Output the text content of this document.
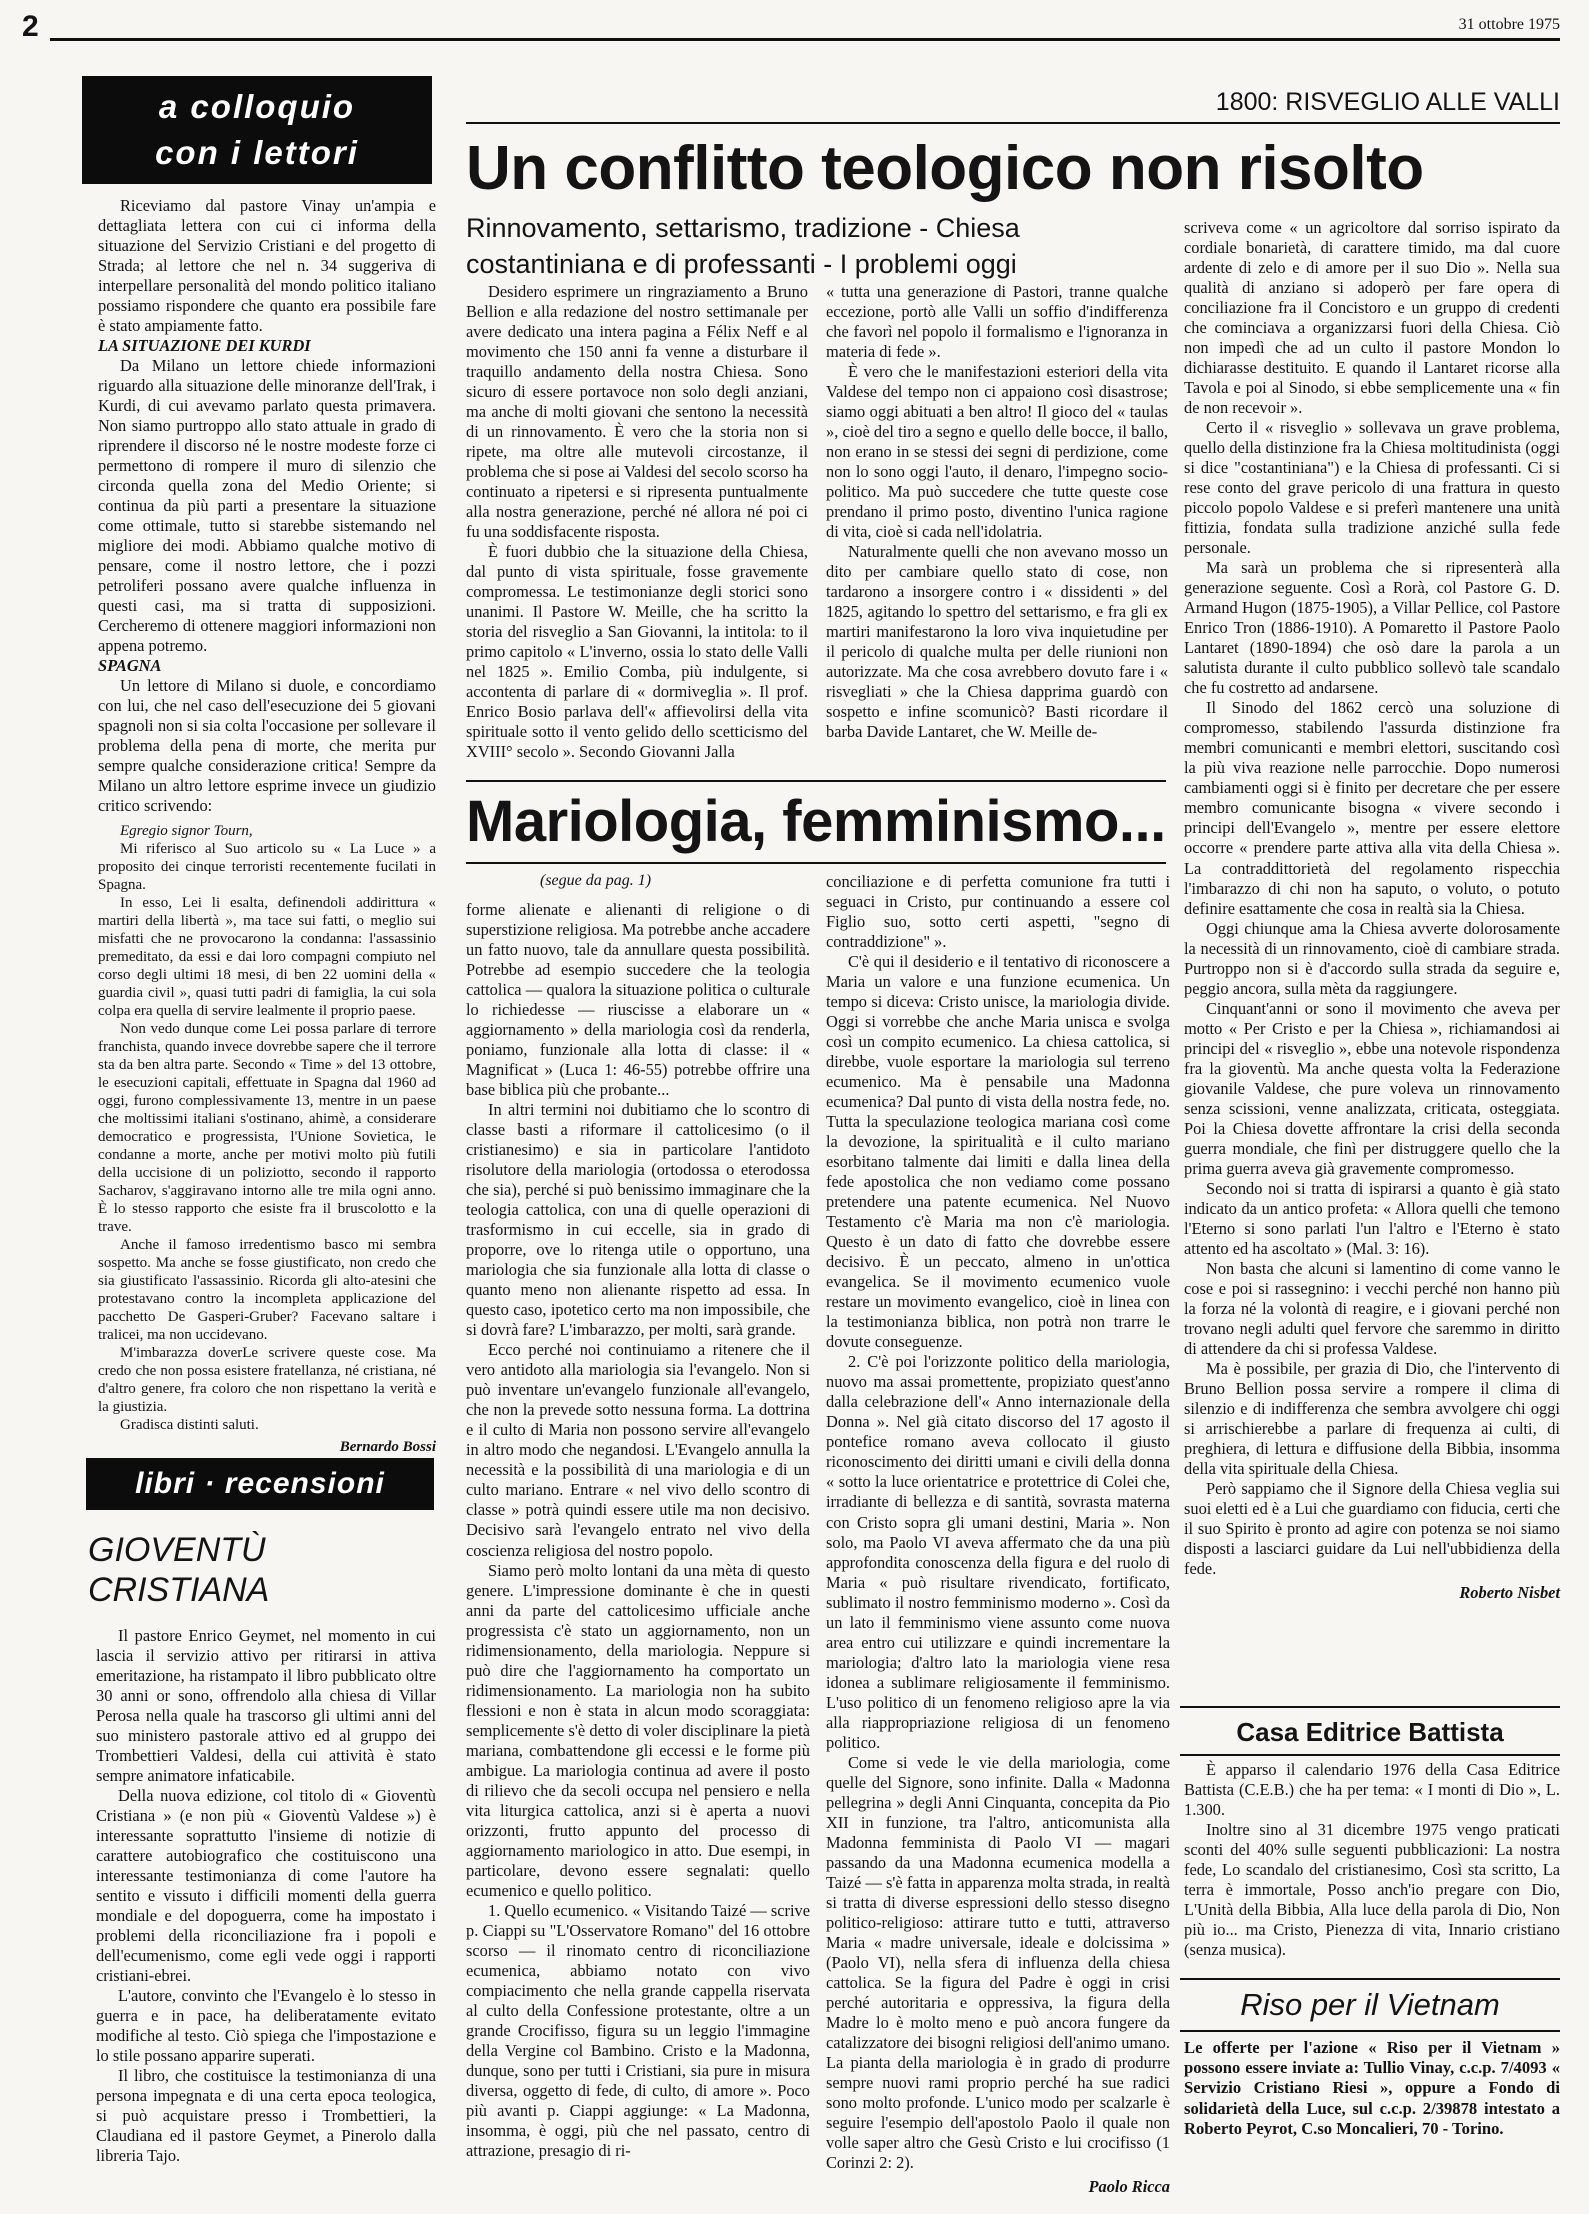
2	31 ottobre 1975
a colloquio
con i lettori

Riceviamo dal pastore Vinay un'ampia e dettagliata lettera con cui ci informa della situazione del Servizio Cristiani e del progetto di Strada; al lettore che nel n. 34 suggeriva di interpellare personalità del mondo politico italiano possiamo rispondere che quanto era possibile fare è stato ampiamente fatto.

LA SITUAZIONE DEI KURDI

Da Milano un lettore chiede informazioni riguardo alla situazione delle minoranze dell'Irak, i Kurdi, di cui avevamo parlato questa primavera. Non siamo purtroppo allo stato attuale in grado di riprendere il discorso né le nostre modeste forze ci permettono di rompere il muro di silenzio che circonda quella zona del Medio Oriente; si continua da più parti a presentare la situazione come ottimale, tutto si starebbe sistemando nel migliore dei modi. Abbiamo qualche motivo di pensare, come il nostro lettore, che i pozzi petroliferi possano avere qualche influenza in questi casi, ma si tratta di supposizioni. Cercheremo di ottenere maggiori informazioni non appena potremo.

SPAGNA

Un lettore di Milano si duole, e concordiamo con lui, che nel caso dell'esecuzione dei 5 giovani spagnoli non si sia colta l'occasione per sollevare il problema della pena di morte, che merita pur sempre qualche considerazione critica! Sempre da Milano un altro lettore esprime invece un giudizio critico scrivendo:

Egregio signor Tourn,

Mi riferisco al Suo articolo su « La Luce » a proposito dei cinque terroristi recentemente fucilati in Spagna.

In esso, Lei li esalta, definendoli addirittura « martiri della libertà », ma tace sui fatti, o meglio sui misfatti che ne provocarono la condanna: l'assassinio premeditato, da essi e dai loro compagni compiuto nel corso degli ultimi 18 mesi, di ben 22 uomini della « guardia civil », quasi tutti padri di famiglia, la cui sola colpa era quella di servire lealmente il proprio paese.

Non vedo dunque come Lei possa parlare di terrore franchista, quando invece dovrebbe sapere che il terrore sta da ben altra parte. Secondo « Time » del 13 ottobre, le esecuzioni capitali, effettuate in Spagna dal 1960 ad oggi, furono complessivamente 13, mentre in un paese che moltissimi italiani s'ostinano, ahimè, a considerare democratico e progressista, l'Unione Sovietica, le condanne a morte, anche per motivi molto più futili della uccisione di un poliziotto, secondo il rapporto Sacharov, s'aggiravano intorno alle tre mila ogni anno. È lo stesso rapporto che esiste fra il bruscolotto e la trave.

Anche il famoso irredentismo basco mi sembra sospetto. Ma anche se fosse giustificato, non credo che sia giustificato l'assassinio. Ricorda gli alto-atesini che protestavano contro la incompleta applicazione del pacchetto De Gasperi-Gruber? Facevano saltare i tralicei, ma non uccidevano.

M'imbarazza doverLe scrivere queste cose. Ma credo che non possa esistere fratellanza, né cristiana, né d'altro genere, fra coloro che non rispettano la verità e la giustizia.

Gradisca distinti saluti.

Bernardo Bossi

libri · recensioni
GIOVENTÙ
CRISTIANA

Il pastore Enrico Geymet, nel momento in cui lascia il servizio attivo per ritirarsi in attiva emeritazione, ha ristampato il libro pubblicato oltre 30 anni or sono, offrendolo alla chiesa di Villar Perosa nella quale ha trascorso gli ultimi anni del suo ministero pastorale attivo ed al gruppo dei Trombettieri Valdesi, della cui attività è stato sempre animatore infaticabile.

Della nuova edizione, col titolo di « Gioventù Cristiana » (e non più « Gioventù Valdese ») è interessante soprattutto l'insieme di notizie di carattere autobiografico che costituiscono una interessante testimonianza di come l'autore ha sentito e vissuto i difficili momenti della guerra mondiale e del dopoguerra, come ha impostato i problemi della riconciliazione fra i popoli e dell'ecumenismo, come egli vede oggi i rapporti cristiani-ebrei.

L'autore, convinto che l'Evangelo è lo stesso in guerra e in pace, ha deliberatamente evitato modifiche al testo. Ciò spiega che l'impostazione e lo stile possano apparire superati.

Il libro, che costituisce la testimonianza di una persona impegnata e di una certa epoca teologica, si può acquistare presso i Trombettieri, la Claudiana ed il pastore Geymet, a Pinerolo dalla libreria Tajo.

1800: RISVEGLIO ALLE VALLI
Un conflitto teologico non risolto
Rinnovamento, settarismo, tradizione - Chiesa costantiniana e di professanti - I problemi oggi

Desidero esprimere un ringraziamento a Bruno Bellion e alla redazione del nostro settimanale per avere dedicato una intera pagina a Félix Neff e al movimento che 150 anni fa venne a disturbare il traquillo andamento della nostra Chiesa. Sono sicuro di essere portavoce non solo degli anziani, ma anche di molti giovani che sentono la necessità di un rinnovamento. È vero che la storia non si ripete, ma oltre alle mutevoli circostanze, il problema che si pose ai Valdesi del secolo scorso ha continuato a ripetersi e si ripresenta puntualmente alla nostra generazione, perché né allora né poi ci fu una soddisfacente risposta.

È fuori dubbio che la situazione della Chiesa, dal punto di vista spirituale, fosse gravemente compromessa. Le testimonianze degli storici sono unanimi. Il Pastore W. Meille, che ha scritto la storia del risveglio a San Giovanni, la intitola: to il primo capitolo « L'inverno, ossia lo stato delle Valli nel 1825 ». Emilio Comba, più indulgente, si accontenta di parlare di « dormiveglia ». Il prof. Enrico Bosio parlava dell'« affievolirsi della vita spirituale sotto il vento gelido dello scetticismo del XVIII° secolo ». Secondo Giovanni Jalla

« tutta una generazione di Pastori, tranne qualche eccezione, portò alle Valli un soffio d'indifferenza che favorì nel popolo il formalismo e l'ignoranza in materia di fede ».

È vero che le manifestazioni esteriori della vita Valdese del tempo non ci appaiono così disastrose; siamo oggi abituati a ben altro! Il gioco del « taulas », cioè del tiro a segno e quello delle bocce, il ballo, non erano in se stessi dei segni di perdizione, come non lo sono oggi l'auto, il denaro, l'impegno socio-politico. Ma può succedere che tutte queste cose prendano il primo posto, diventino l'unica ragione di vita, cioè si cada nell'idolatria.

Naturalmente quelli che non avevano mosso un dito per cambiare quello stato di cose, non tardarono a insorgere contro i « dissidenti » del 1825, agitando lo spettro del settarismo, e fra gli ex martiri manifestarono la loro viva inquietudine per il pericolo di qualche multa per delle riunioni non autorizzate. Ma che cosa avrebbero dovuto fare i « risvegliati » che la Chiesa dapprima guardò con sospetto e infine scomunicò? Basti ricordare il barba Davide Lantaret, che W. Meille de-

scriveva come « un agricoltore dal sorriso ispirato da cordiale bonarietà, di carattere timido, ma dal cuore ardente di zelo e di amore per il suo Dio ». Nella sua qualità di anziano si adoperò per fare opera di conciliazione fra il Concistoro e un gruppo di credenti che cominciava a organizzarsi fuori della Chiesa. Ciò non impedì che ad un culto il pastore Mondon lo dichiarasse destituito. E quando il Lantaret ricorse alla Tavola e poi al Sinodo, si ebbe semplicemente una « fin de non recevoir ».

Certo il « risveglio » sollevava un grave problema, quello della distinzione fra la Chiesa moltitudinista (oggi si dice "costantiniana") e la Chiesa di professanti. Ci si rese conto del grave pericolo di una frattura in questo piccolo popolo Valdese e si preferì mantenere una unità fittizia, fondata sulla tradizione anziché sulla fede personale.

Ma sarà un problema che si ripresenterà alla generazione seguente. Così a Rorà, col Pastore G. D. Armand Hugon (1875-1905), a Villar Pellice, col Pastore Enrico Tron (1886-1910). A Pomaretto il Pastore Paolo Lantaret (1890-1894) che osò dare la parola a un salutista durante il culto pubblico sollevò tale scandalo che fu costretto ad andarsene.

Il Sinodo del 1862 cercò una soluzione di compromesso, stabilendo l'assurda distinzione fra membri comunicanti e membri elettori, suscitando così la più viva reazione nelle parrocchie. Dopo numerosi cambiamenti oggi si è finito per decretare che per essere membro comunicante bisogna « vivere secondo i principi dell'Evangelo », mentre per essere elettore occorre « prendere parte attiva alla vita della Chiesa ». La contraddittorietà del regolamento rispecchia l'imbarazzo di chi non ha saputo, o voluto, o potuto definire esattamente che cosa in realtà sia la Chiesa.

Oggi chiunque ama la Chiesa avverte dolorosamente la necessità di un rinnovamento, cioè di cambiare strada. Purtroppo non si è d'accordo sulla strada da seguire e, peggio ancora, sulla mèta da raggiungere.

Cinquant'anni or sono il movimento che aveva per motto « Per Cristo e per la Chiesa », richiamandosi ai principi del « risveglio », ebbe una notevole rispondenza fra la gioventù. Ma anche questa volta la Federazione giovanile Valdese, che pure voleva un rinnovamento senza scissioni, venne analizzata, criticata, osteggiata. Poi la Chiesa dovette affrontare la crisi della seconda guerra mondiale, che finì per distruggere quello che la prima guerra aveva già gravemente compromesso.

Secondo noi si tratta di ispirarsi a quanto è già stato indicato da un antico profeta: « Allora quelli che temono l'Eterno si sono parlati l'un l'altro e l'Eterno è stato attento ed ha ascoltato » (Mal. 3: 16).

Non basta che alcuni si lamentino di come vanno le cose e poi si rassegnino: i vecchi perché non hanno più la forza né la volontà di reagire, e i giovani perché non trovano negli adulti quel fervore che saremmo in diritto di attendere da chi si professa Valdese.

Ma è possibile, per grazia di Dio, che l'intervento di Bruno Bellion possa servire a rompere il clima di silenzio e di indifferenza che sembra avvolgere chi oggi si arrischierebbe a parlare di frequenza ai culti, di preghiera, di lettura e diffusione della Bibbia, insomma della vita spirituale della Chiesa.

Però sappiamo che il Signore della Chiesa veglia sui suoi eletti ed è a Lui che guardiamo con fiducia, certi che il suo Spirito è pronto ad agire con potenza se noi siamo disposti a lasciarci guidare da Lui nell'ubbidienza della fede.

Roberto Nisbet

Mariologia, femminismo...
(segue da pag. 1)

forme alienate e alienanti di religione o di superstizione religiosa. Ma potrebbe anche accadere un fatto nuovo, tale da annullare questa possibilità. Potrebbe ad esempio succedere che la teologia cattolica — qualora la situazione politica o culturale lo richiedesse — riuscisse a elaborare un « aggiornamento » della mariologia così da renderla, poniamo, funzionale alla lotta di classe: il « Magnificat » (Luca 1: 46-55) potrebbe offrire una base biblica più che probante...

In altri termini noi dubitiamo che lo scontro di classe basti a riformare il cattolicesimo (o il cristianesimo) e sia in particolare l'antidoto risolutore della mariologia (ortodossa o eterodossa che sia), perché si può benissimo immaginare che la teologia cattolica, con una di quelle operazioni di trasformismo in cui eccelle, sia in grado di proporre, ove lo ritenga utile o opportuno, una mariologia che sia funzionale alla lotta di classe o quanto meno non alienante rispetto ad essa. In questo caso, ipotetico certo ma non impossibile, che si dovrà fare? L'imbarazzo, per molti, sarà grande.

Ecco perché noi continuiamo a ritenere che il vero antidoto alla mariologia sia l'evangelo. Non si può inventare un'evangelo funzionale all'evangelo, che non la prevede sotto nessuna forma. La dottrina e il culto di Maria non possono servire all'evangelo in altro modo che negandosi. L'Evangelo annulla la necessità e la possibilità di una mariologia e di un culto mariano. Entrare « nel vivo dello scontro di classe » potrà quindi essere utile ma non decisivo. Decisivo sarà l'evangelo entrato nel vivo della coscienza religiosa del nostro popolo.

Siamo però molto lontani da una mèta di questo genere. L'impressione dominante è che in questi anni da parte del cattolicesimo ufficiale anche progressista c'è stato un aggiornamento, non un ridimensionamento, della mariologia. Neppure si può dire che l'aggiornamento ha comportato un ridimensionamento. La mariologia non ha subito flessioni e non è stata in alcun modo scoraggiata: semplicemente s'è detto di voler disciplinare la pietà mariana, combattendone gli eccessi e le forme più ambigue. La mariologia continua ad avere il posto di rilievo che da secoli occupa nel pensiero e nella vita liturgica cattolica, anzi si è aperta a nuovi orizzonti, frutto appunto del processo di aggiornamento mariologico in atto. Due esempi, in particolare, devono essere segnalati: quello ecumenico e quello politico.

1. Quello ecumenico. « Visitando Taizé — scrive p. Ciappi su "L'Osservatore Romano" del 16 ottobre scorso — il rinomato centro di riconciliazione ecumenica, abbiamo notato con vivo compiacimento che nella grande cappella riservata al culto della Confessione protestante, oltre a un grande Crocifisso, figura su un leggio l'immagine della Vergine col Bambino. Cristo e la Madonna, dunque, sono per tutti i Cristiani, sia pure in misura diversa, oggetto di fede, di culto, di amore ». Poco più avanti p. Ciappi aggiunge: « La Madonna, insomma, è oggi, più che nel passato, centro di attrazione, presagio di ri-

conciliazione e di perfetta comunione fra tutti i seguaci in Cristo, pur continuando a essere col Figlio suo, sotto certi aspetti, "segno di contraddizione" ».

C'è qui il desiderio e il tentativo di riconoscere a Maria un valore e una funzione ecumenica. Un tempo si diceva: Cristo unisce, la mariologia divide. Oggi si vorrebbe che anche Maria unisca e svolga così un compito ecumenico. La chiesa cattolica, si direbbe, vuole esportare la mariologia sul terreno ecumenico. Ma è pensabile una Madonna ecumenica? Dal punto di vista della nostra fede, no. Tutta la speculazione teologica mariana così come la devozione, la spiritualità e il culto mariano esorbitano talmente dai limiti e dalla linea della fede apostolica che non vediamo come possano pretendere una patente ecumenica. Nel Nuovo Testamento c'è Maria ma non c'è mariologia. Questo è un dato di fatto che dovrebbe essere decisivo. È un peccato, almeno in un'ottica evangelica. Se il movimento ecumenico vuole restare un movimento evangelico, cioè in linea con la testimonianza biblica, non potrà non trarre le dovute conseguenze.

2. C'è poi l'orizzonte politico della mariologia, nuovo ma assai promettente, propiziato quest'anno dalla celebrazione dell'« Anno internazionale della Donna ». Nel già citato discorso del 17 agosto il pontefice romano aveva collocato il giusto riconoscimento dei diritti umani e civili della donna « sotto la luce orientatrice e protettrice di Colei che, irradiante di bellezza e di santità, sovrasta materna con Cristo sopra gli umani destini, Maria ». Non solo, ma Paolo VI aveva affermato che da una più approfondita conoscenza della figura e del ruolo di Maria « può risultare rivendicato, fortificato, sublimato il nostro femminismo moderno ». Così da un lato il femminismo viene assunto come nuova area entro cui utilizzare e quindi incrementare la mariologia; d'altro lato la mariologia viene resa idonea a sublimare religiosamente il femminismo. L'uso politico di un fenomeno religioso apre la via alla riappropriazione religiosa di un fenomeno politico.

Come si vede le vie della mariologia, come quelle del Signore, sono infinite. Dalla « Madonna pellegrina » degli Anni Cinquanta, concepita da Pio XII in funzione, tra l'altro, anticomunista alla Madonna femminista di Paolo VI — magari passando da una Madonna ecumenica modella a Taizé — s'è fatta in apparenza molta strada, in realtà si tratta di diverse espressioni dello stesso disegno politico-religioso: attirare tutto e tutti, attraverso Maria « madre universale, ideale e dolcissima » (Paolo VI), nella sfera di influenza della chiesa cattolica. Se la figura del Padre è oggi in crisi perché autoritaria e oppressiva, la figura della Madre lo è molto meno e può ancora fungere da catalizzatore dei bisogni religiosi dell'animo umano. La pianta della mariologia è in grado di produrre sempre nuovi rami proprio perché ha sue radici sono molto profonde. L'unico modo per scalzarle è seguire l'esempio dell'apostolo Paolo il quale non volle saper altro che Gesù Cristo e lui crocifisso (1 Corinzi 2: 2).

Paolo Ricca

Casa Editrice Battista

È apparso il calendario 1976 della Casa Editrice Battista (C.E.B.) che ha per tema: « I monti di Dio », L. 1.300.

Inoltre sino al 31 dicembre 1975 vengo praticati sconti del 40% sulle seguenti pubblicazioni: La nostra fede, Lo scandalo del cristianesimo, Così sta scritto, La terra è immortale, Posso anch'io pregare con Dio, L'Unità della Bibbia, Alla luce della parola di Dio, Non più io... ma Cristo, Pienezza di vita, Innario cristiano (senza musica).

Riso per il Vietnam
Le offerte per l'azione « Riso per il Vietnam » possono essere inviate a: Tullio Vinay, c.c.p. 7/4093 « Servizio Cristiano Riesi », oppure a Fondo di solidarietà della Luce, sul c.c.p. 2/39878 intestato a Roberto Peyrot, C.so Moncalieri, 70 - Torino.
